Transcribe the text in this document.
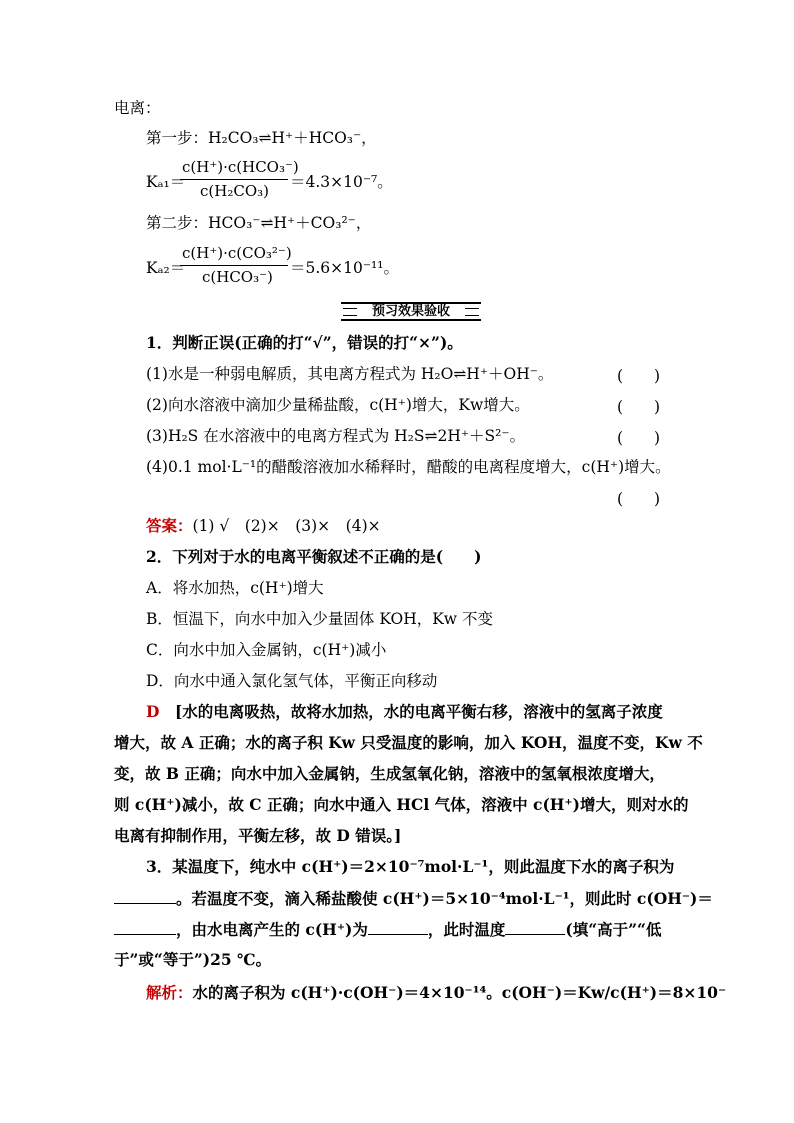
电离：
第一步：H₂CO₃⇌H⁺＋HCO₃⁻，
Kₐ₁＝
c(H⁺)·c(HCO₃⁻)
c(H₂CO₃) ＝4.3×10⁻⁷。
第二步：HCO₃⁻⇌H⁺＋CO₃²⁻，
Kₐ₂＝
c(H⁺)·c(CO₃²⁻)
c(HCO₃⁻) ＝5.6×10⁻¹¹。
预习效果验收
1．判断正误(正确的打“√”，错误的打“×”)。
(1)水是一种弱电解质，其电离方程式为 H₂O⇌H⁺＋OH⁻。	(　　)
(2)向水溶液中滴加少量稀盐酸，c(H⁺)增大，Kw增大。	(　　)
(3)H₂S 在水溶液中的电离方程式为 H₂S⇌2H⁺＋S²⁻。	(　　)
(4)0.1 mol·L⁻¹的醋酸溶液加水稀释时，醋酸的电离程度增大，c(H⁺)增大。
(　　)
答案：(1) √　(2)×　(3)×　(4)×
2．下列对于水的电离平衡叙述不正确的是(　　)
A．将水加热，c(H⁺)增大
B．恒温下，向水中加入少量固体 KOH，Kw 不变
C．向水中加入金属钠，c(H⁺)减小
D．向水中通入氯化氢气体，平衡正向移动
D　 [水的电离吸热，故将水加热，水的电离平衡右移，溶液中的氢离子浓度
增大，故 A 正确；水的离子积 Kw 只受温度的影响，加入 KOH，温度不变，Kw 不
变，故 B 正确；向水中加入金属钠，生成氢氧化钠，溶液中的氢氧根浓度增大，
则 c(H⁺)减小，故 C 正确；向水中通入 HCl 气体，溶液中 c(H⁺)增大，则对水的
电离有抑制作用，平衡左移，故 D 错误。]
3．某温度下，纯水中 c(H⁺)＝2×10⁻⁷mol·L⁻¹，则此温度下水的离子积为
。若温度不变，滴入稀盐酸使 c(H⁺)＝5×10⁻⁴mol·L⁻¹，则此时 c(OH⁻)＝
，由水电离产生的 c(H⁺)为	，此时温度	(填“高于”“低
于”或“等于”)25 ℃。
解析：水的离子积为 c(H⁺)·c(OH⁻)＝4×10⁻¹⁴。c(OH⁻)＝Kw/c(H⁺)＝8×10⁻
